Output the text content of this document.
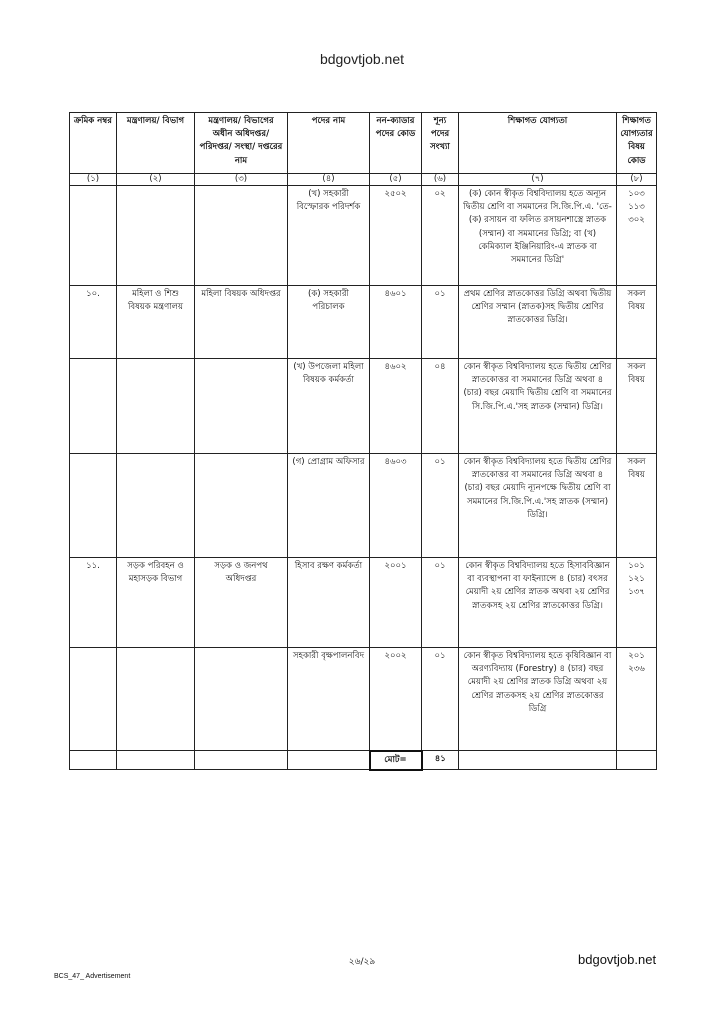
bdgovtjob.net
ক্রমিক নম্বর	মন্ত্রণালয়/ বিভাগ	মন্ত্রণালয়/ বিভাগের অধীন অধিদপ্তর/ পরিদপ্তর/ সংস্থা/ দপ্তরের নাম	পদের নাম	নন-ক্যাডার পদের কোড	শূন্য পদের সংখ্যা	শিক্ষাগত যোগ্যতা	শিক্ষাগত যোগ্যতার বিষয় কোড
(১)	(২)	(৩)	(৪)	(৫)	(৬)	(৭)	(৮)
			(খ) সহকারী বিস্ফোরক পরিদর্শক	২৫০২	০২	(ক) কোন স্বীকৃত বিশ্ববিদ্যালয় হতে অন্যূন দ্বিতীয় শ্রেণি বা সমমানের সি.জি.পি.এ. 'তে- (ক) রসায়ন বা ফলিত রসায়নশাস্ত্রে স্নাতক (সম্মান) বা সমমানের ডিগ্রি; বা (খ) কেমিক্যাল ইঞ্জিনিয়ারিং-এ স্নাতক বা সমমানের ডিগ্রি'	১০৩ ১১৩ ৩০২
১০.	মহিলা ও শিশু বিষয়ক মন্ত্রণালয়	মহিলা বিষয়ক অধিদপ্তর	(ক) সহকারী পরিচালক	৪৬০১	০১	প্রথম শ্রেণির স্নাতকোত্তর ডিগ্রি অথবা দ্বিতীয় শ্রেণির সম্মান (স্নাতক)সহ দ্বিতীয় শ্রেণির স্নাতকোত্তর ডিগ্রি।	সকল বিষয়
			(খ) উপজেলা মহিলা বিষয়ক কর্মকর্তা	৪৬০২	০৪	কোন স্বীকৃত বিশ্ববিদ্যালয় হতে দ্বিতীয় শ্রেণির স্নাতকোত্তর বা সমমানের ডিগ্রি অথবা ৪ (চার) বছর মেয়াদি দ্বিতীয় শ্রেণি বা সমমানের সি.জি.পি.এ.'সহ স্নাতক (সম্মান) ডিগ্রি।	সকল বিষয়
			(গ) প্রোগ্রাম অফিসার	৪৬০৩	০১	কোন স্বীকৃত বিশ্ববিদ্যালয় হতে দ্বিতীয় শ্রেণির স্নাতকোত্তর বা সমমানের ডিগ্রি অথবা ৪ (চার) বছর মেয়াদি ন্যূনপক্ষে দ্বিতীয় শ্রেণি বা সমমানের সি.জি.পি.এ.'সহ স্নাতক (সম্মান) ডিগ্রি।	সকল বিষয়
১১.	সড়ক পরিবহন ও মহাসড়ক বিভাগ	সড়ক ও জনপথ অধিদপ্তর	হিসাব রক্ষণ কর্মকর্তা	২০০১	০১	কোন স্বীকৃত বিশ্ববিদ্যালয় হতে হিসাববিজ্ঞান বা ব্যবস্থাপনা বা ফাইন্যান্সে ৪ (চার) বৎসর মেয়াদী ২য় শ্রেণির স্নাতক অথবা ২য় শ্রেণির স্নাতকসহ ২য় শ্রেণির স্নাতকোত্তর ডিগ্রি।	১০১ ১২১ ১৩৭
			সহকারী বৃক্ষপালনবিদ	২০০২	০১	কোন স্বীকৃত বিশ্ববিদ্যালয় হতে কৃষিবিজ্ঞান বা অরণ্যবিদ্যায় (Forestry) ৪ (চার) বছর মেয়াদী ২য় শ্রেণির স্নাতক ডিগ্রি অথবা ২য় শ্রেণির স্নাতকসহ ২য় শ্রেণির স্নাতকোত্তর ডিগ্রি	২০১ ২৩৬
				মোট=	৪১		
২৬/২৯	bdgovtjob.net
BCS_47_ Advertisement
